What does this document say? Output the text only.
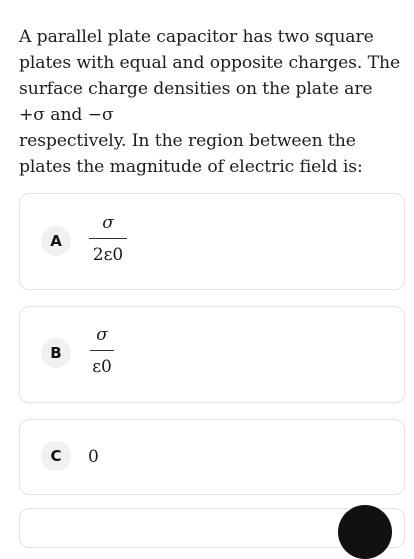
A parallel plate capacitor has two square plates with equal and opposite charges. The surface charge densities on the plate are +σ and −σ
respectively. In the region between the plates the magnitude of electric field is:

A
σ
2ε0
B
σ
ε0
C	0
